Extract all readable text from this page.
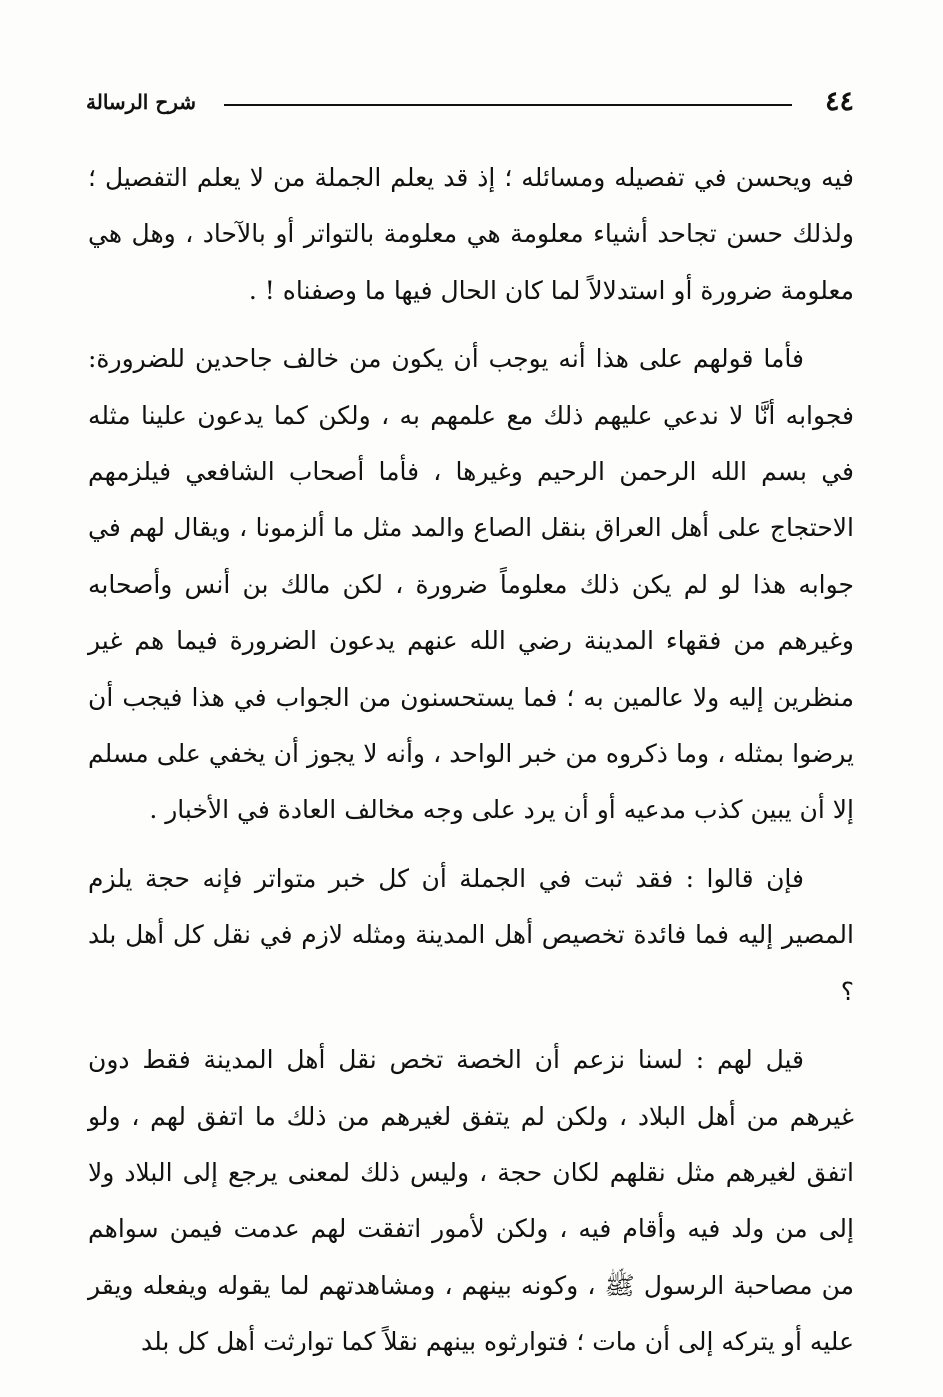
٤٤
شرح الرسالة

فيه ويحسن في تفصيله ومسائله ؛ إذ قد يعلم الجملة من لا يعلم التفصيل ؛ ولذلك حسن تجاحد أشياء معلومة هي معلومة بالتواتر أو بالآحاد ، وهل هي معلومة ضرورة أو استدلالاً لما كان الحال فيها ما وصفناه ! .

فأما قولهم على هذا أنه يوجب أن يكون من خالف جاحدين للضرورة: فجوابه أنَّا لا ندعي عليهم ذلك مع علمهم به ، ولكن كما يدعون علينا مثله في بسم الله الرحمن الرحيم وغيرها ، فأما أصحاب الشافعي فيلزمهم الاحتجاج على أهل العراق بنقل الصاع والمد مثل ما ألزمونا ، ويقال لهم في جوابه هذا لو لم يكن ذلك معلوماً ضرورة ، لكن مالك بن أنس وأصحابه وغيرهم من فقهاء المدينة رضي الله عنهم يدعون الضرورة فيما هم غير منظرين إليه ولا عالمين به ؛ فما يستحسنون من الجواب في هذا فيجب أن يرضوا بمثله ، وما ذكروه من خبر الواحد ، وأنه لا يجوز أن يخفي على مسلم إلا أن يبين كذب مدعيه أو أن يرد على وجه مخالف العادة في الأخبار .

فإن قالوا : فقد ثبت في الجملة أن كل خبر متواتر فإنه حجة يلزم المصير إليه فما فائدة تخصيص أهل المدينة ومثله لازم في نقل كل أهل بلد ؟

قيل لهم : لسنا نزعم أن الخصة تخص نقل أهل المدينة فقط دون غيرهم من أهل البلاد ، ولكن لم يتفق لغيرهم من ذلك ما اتفق لهم ، ولو اتفق لغيرهم مثل نقلهم لكان حجة ، وليس ذلك لمعنى يرجع إلى البلاد ولا إلى من ولد فيه وأقام فيه ، ولكن لأمور اتفقت لهم عدمت فيمن سواهم من مصاحبة الرسول ﷺ ، وكونه بينهم ، ومشاهدتهم لما يقوله ويفعله ويقر عليه أو يتركه إلى أن مات ؛ فتوارثوه بينهم نقلاً كما توارثت أهل كل بلد
